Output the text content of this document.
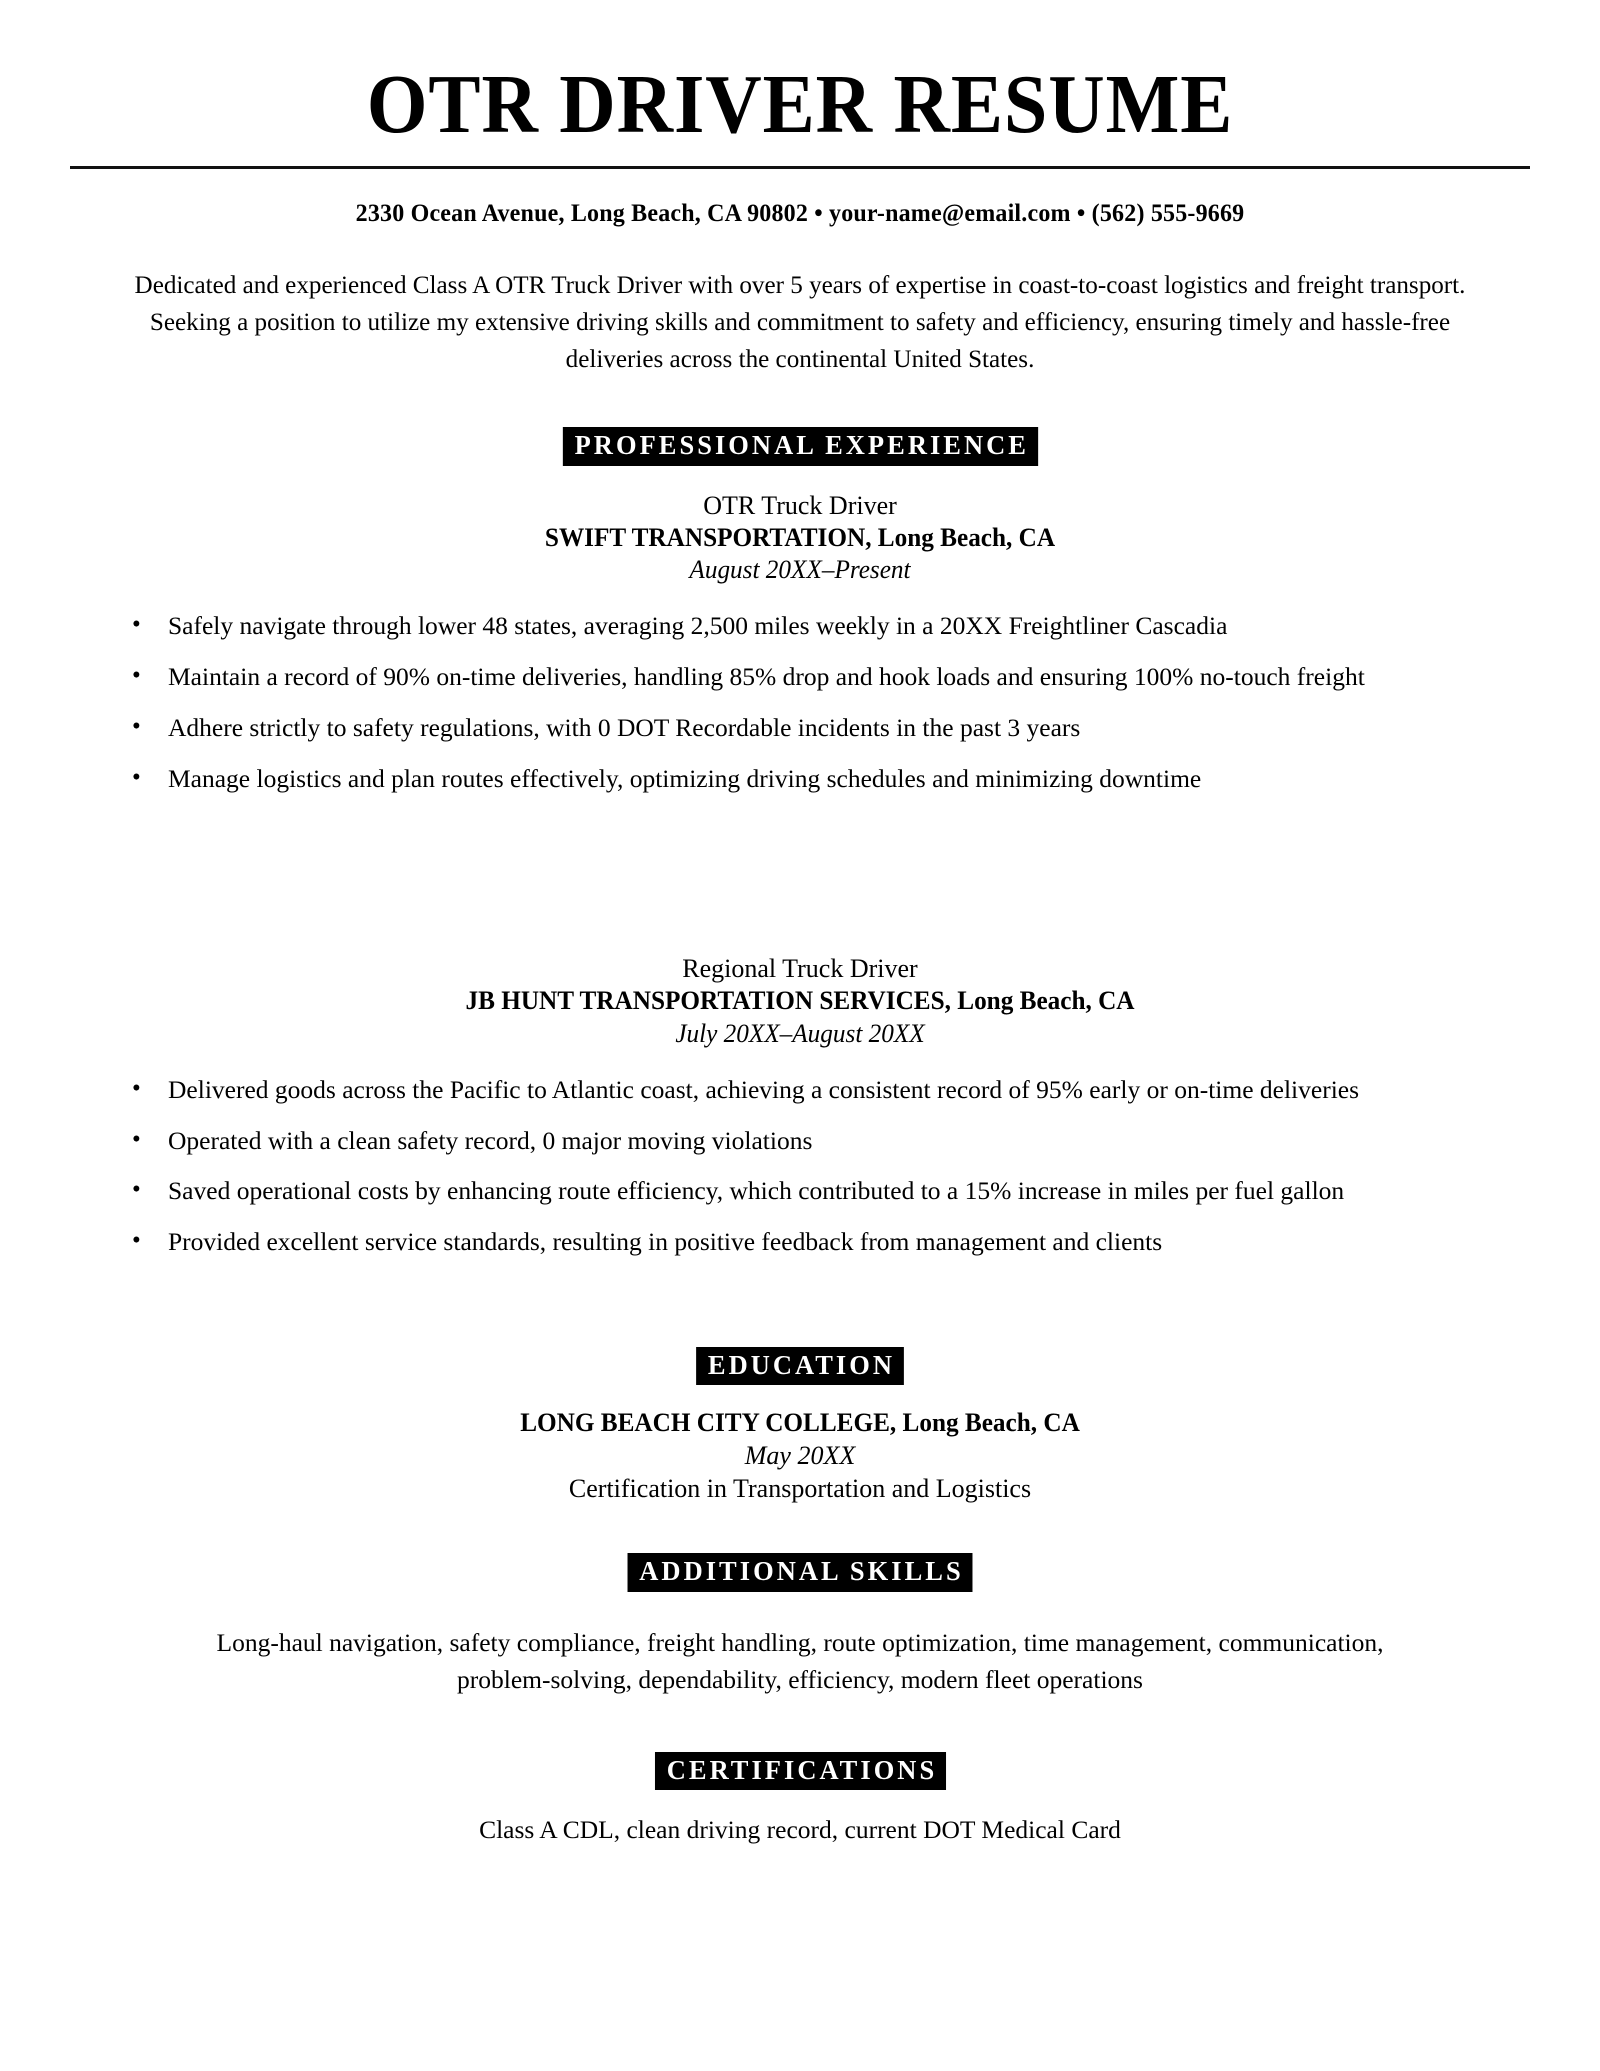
OTR DRIVER RESUME
2330 Ocean Avenue, Long Beach, CA 90802 • your-name@email.com • (562) 555-9669
Dedicated and experienced Class A OTR Truck Driver with over 5 years of expertise in coast-to-coast logistics and freight transport. Seeking a position to utilize my extensive driving skills and commitment to safety and efficiency, ensuring timely and hassle-free deliveries across the continental United States.
PROFESSIONAL EXPERIENCE
OTR Truck Driver
SWIFT TRANSPORTATION, Long Beach, CA
August 20XX–Present
• Safely navigate through lower 48 states, averaging 2,500 miles weekly in a 20XX Freightliner Cascadia
• Maintain a record of 90% on-time deliveries, handling 85% drop and hook loads and ensuring 100% no-touch freight
• Adhere strictly to safety regulations, with 0 DOT Recordable incidents in the past 3 years
• Manage logistics and plan routes effectively, optimizing driving schedules and minimizing downtime
Regional Truck Driver
JB HUNT TRANSPORTATION SERVICES, Long Beach, CA
July 20XX–August 20XX
• Delivered goods across the Pacific to Atlantic coast, achieving a consistent record of 95% early or on-time deliveries
• Operated with a clean safety record, 0 major moving violations
• Saved operational costs by enhancing route efficiency, which contributed to a 15% increase in miles per fuel gallon
• Provided excellent service standards, resulting in positive feedback from management and clients
EDUCATION
LONG BEACH CITY COLLEGE, Long Beach, CA
May 20XX
Certification in Transportation and Logistics
ADDITIONAL SKILLS
Long-haul navigation, safety compliance, freight handling, route optimization, time management, communication, problem-solving, dependability, efficiency, modern fleet operations
CERTIFICATIONS
Class A CDL, clean driving record, current DOT Medical Card
